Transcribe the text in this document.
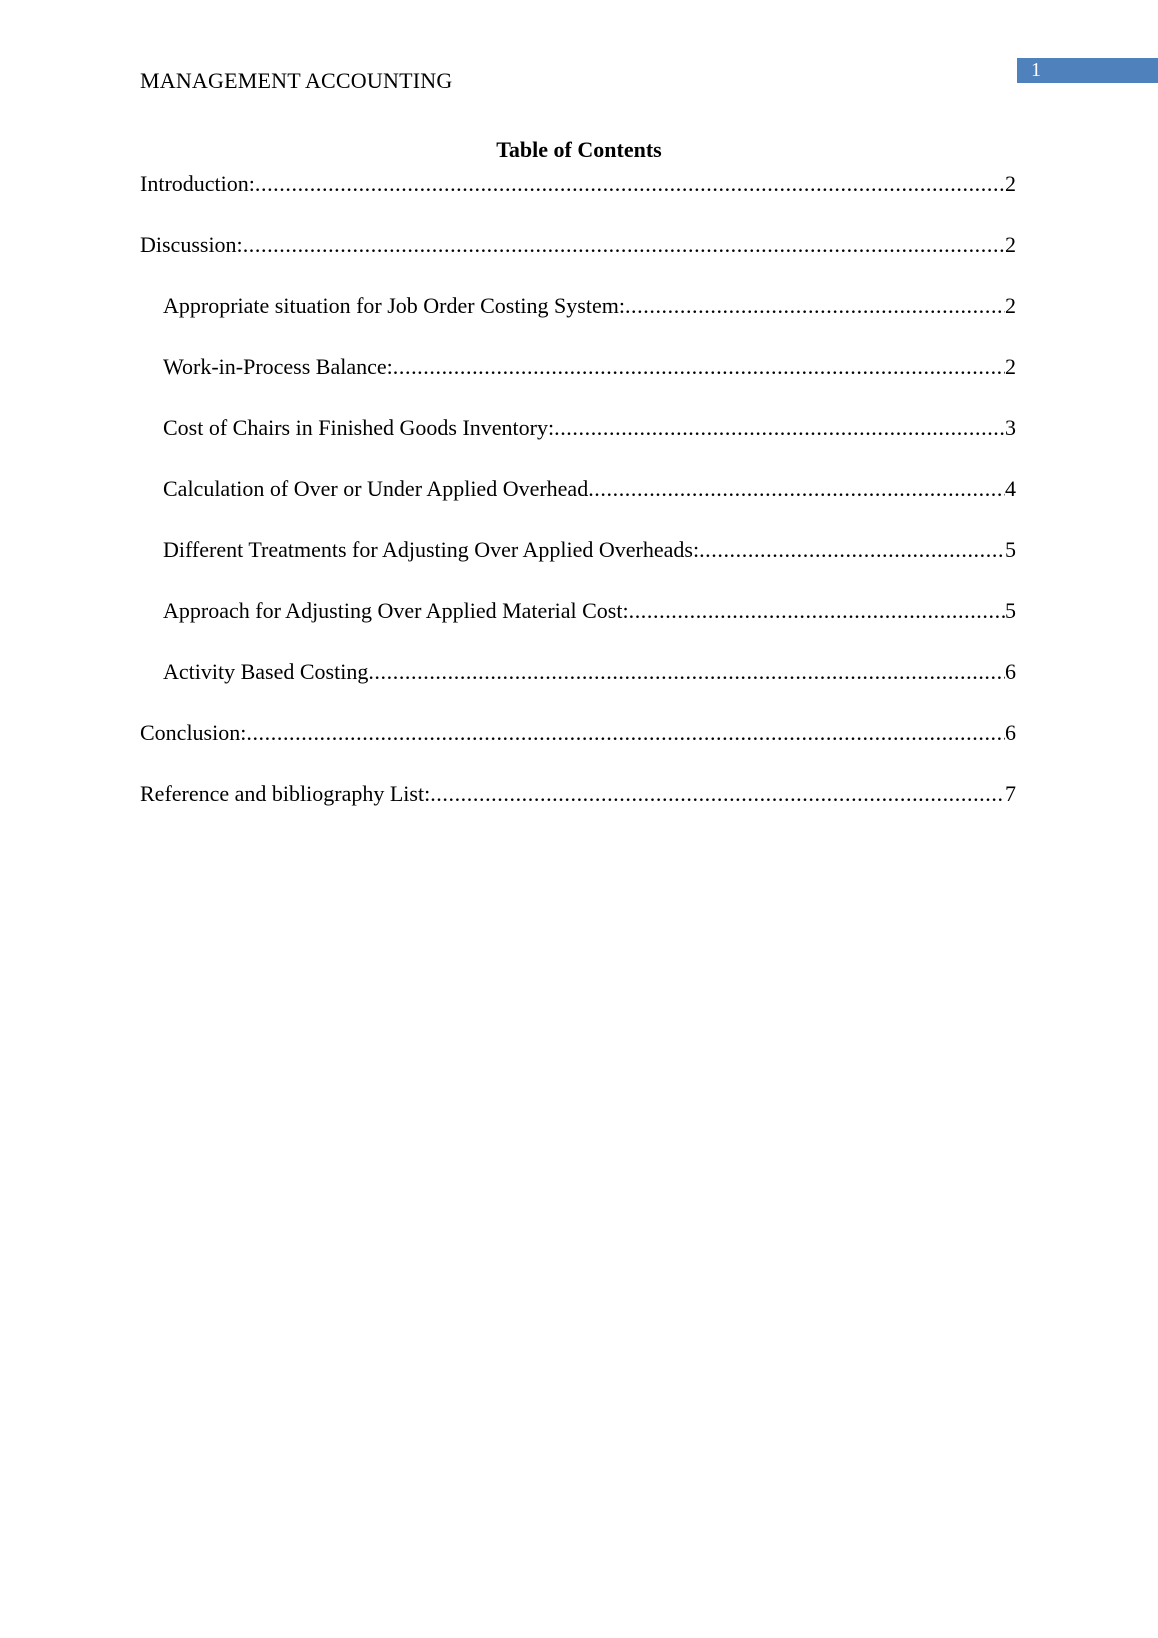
MANAGEMENT ACCOUNTING	1
Table of Contents
Introduction: .....	2
Discussion: .....	2
Appropriate situation for Job Order Costing System: .....	2
Work-in-Process Balance: .....	2
Cost of Chairs in Finished Goods Inventory: .....	3
Calculation of Over or Under Applied Overhead .....	4
Different Treatments for Adjusting Over Applied Overheads: .....	5
Approach for Adjusting Over Applied Material Cost: .....	5
Activity Based Costing .....	6
Conclusion: .....	6
Reference and bibliography List: .....	7
